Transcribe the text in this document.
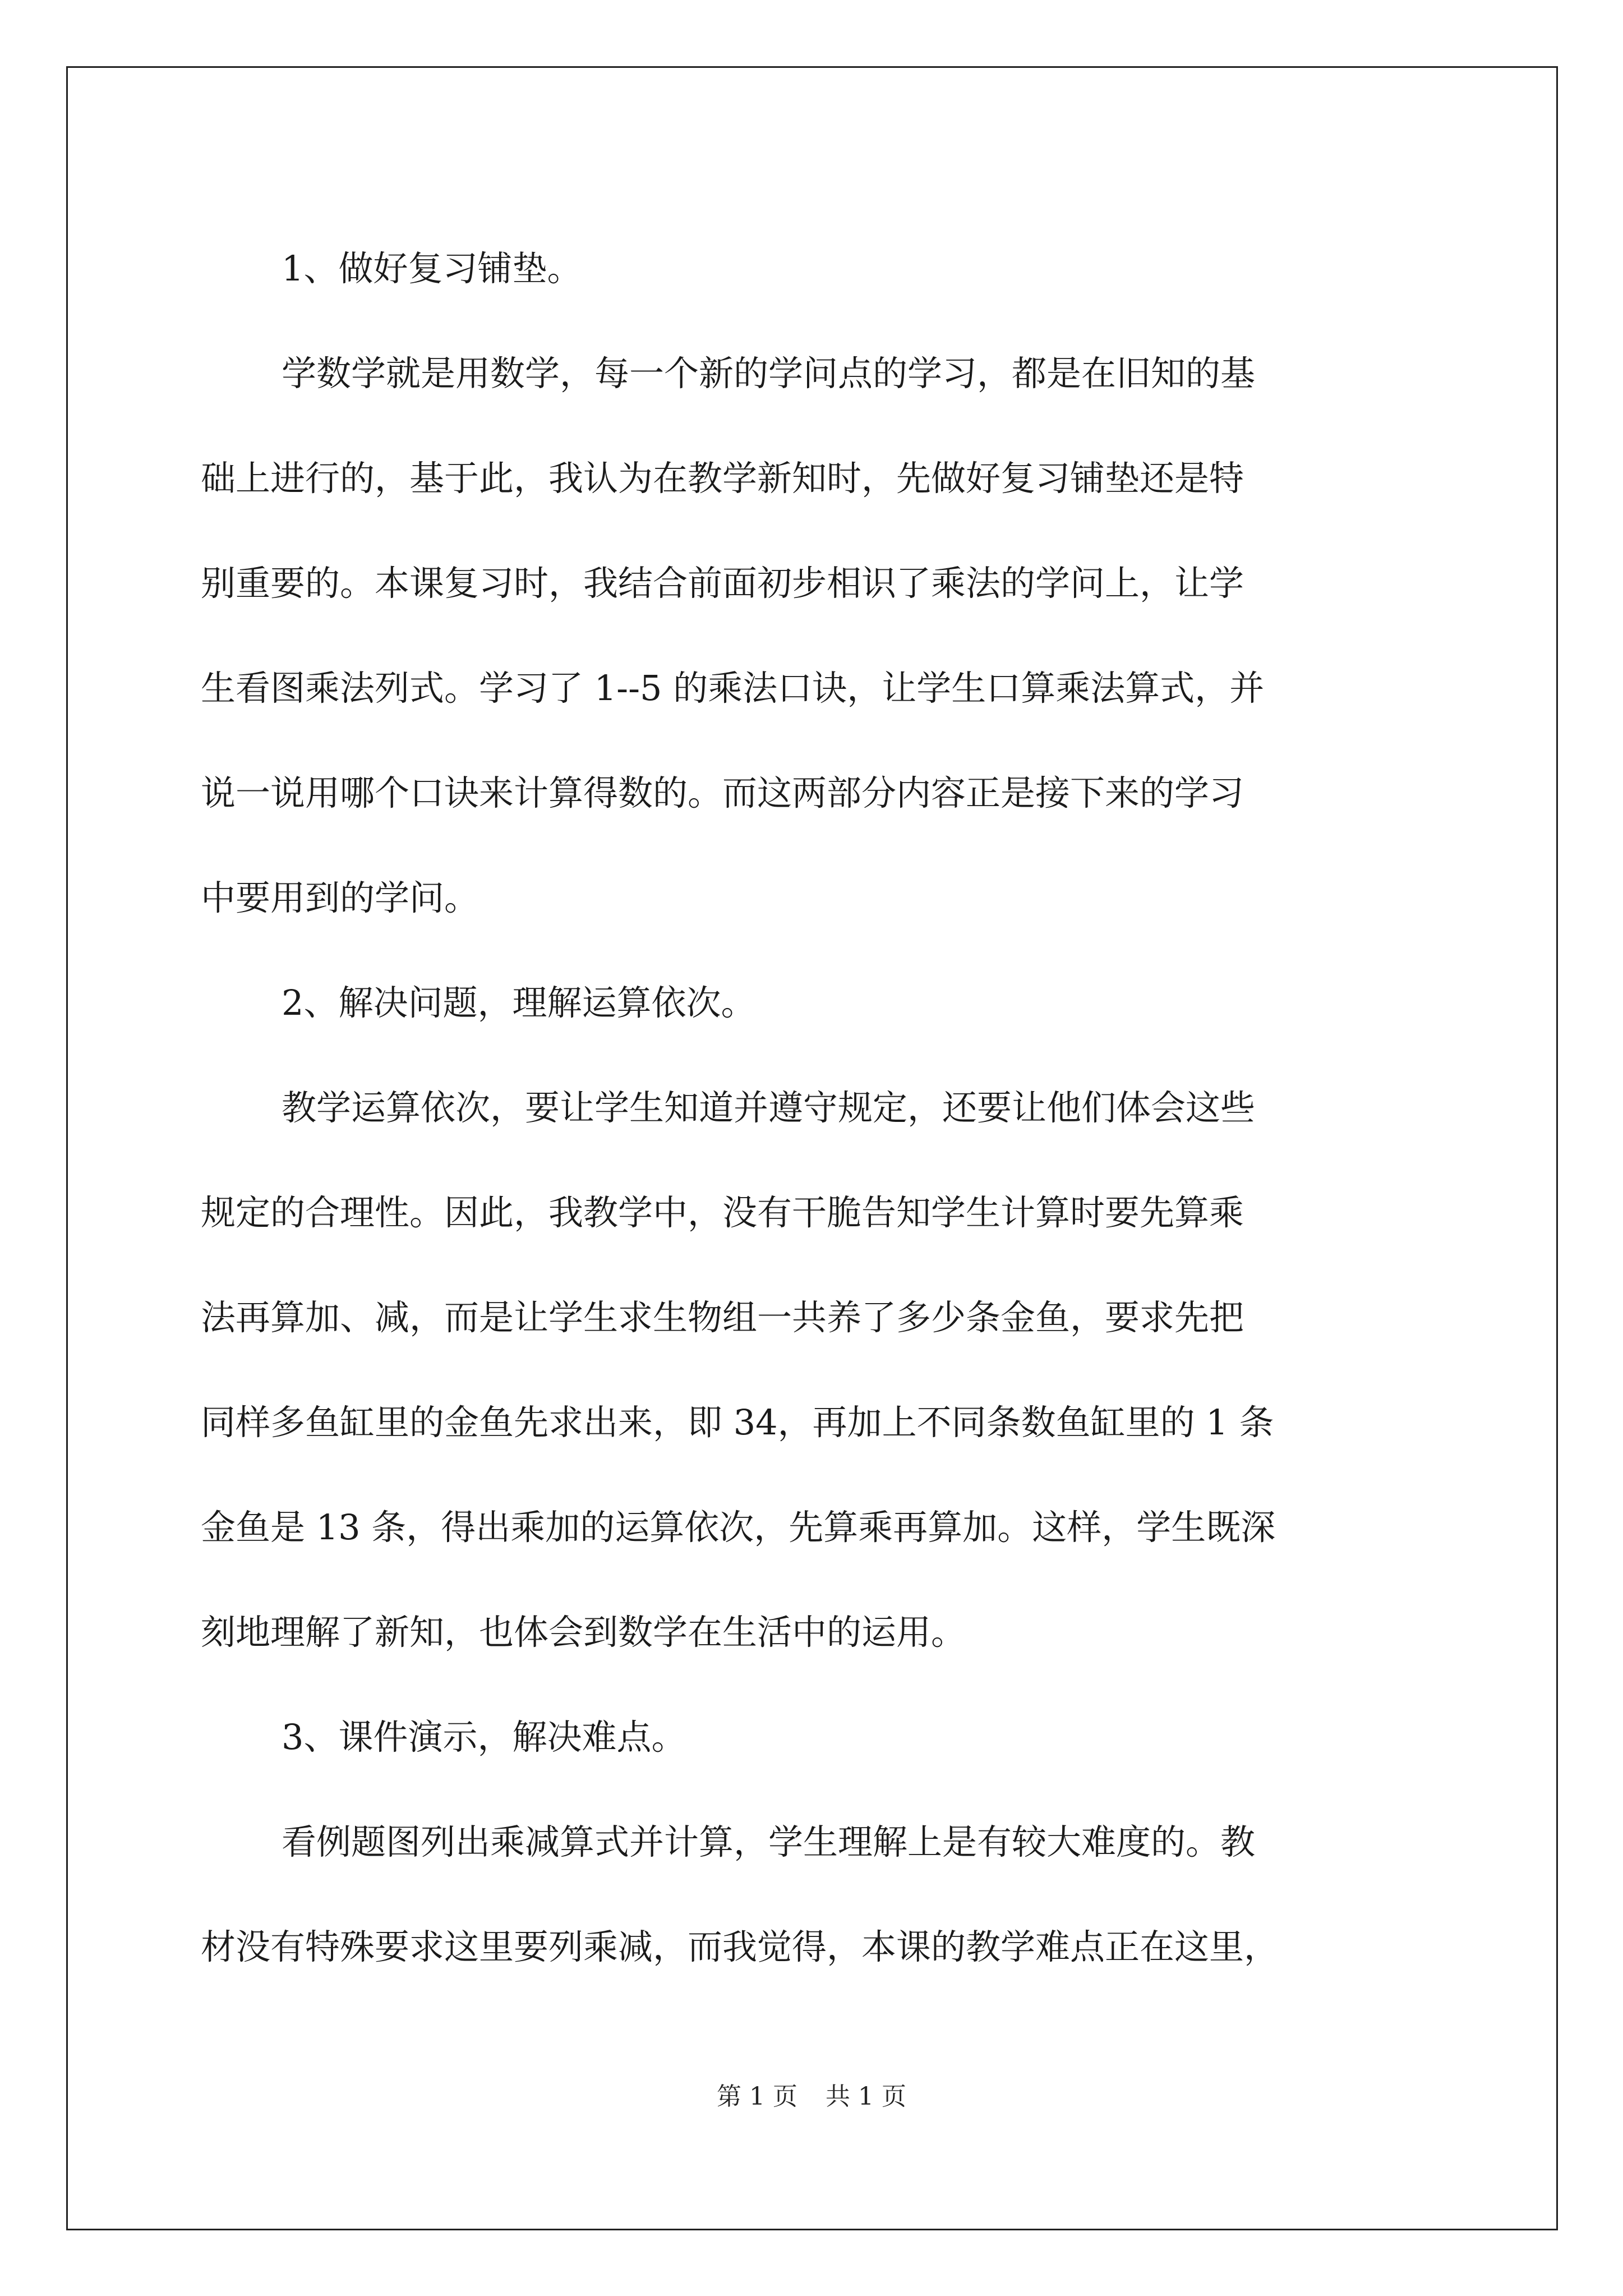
1、做好复习铺垫。

学数学就是用数学，每一个新的学问点的学习，都是在旧知的基
础上进行的，基于此，我认为在教学新知时，先做好复习铺垫还是特
别重要的。本课复习时，我结合前面初步相识了乘法的学问上，让学
生看图乘法列式。学习了 1--5 的乘法口诀，让学生口算乘法算式，并
说一说用哪个口诀来计算得数的。而这两部分内容正是接下来的学习
中要用到的学问。

2、解决问题，理解运算依次。

教学运算依次，要让学生知道并遵守规定，还要让他们体会这些
规定的合理性。因此，我教学中，没有干脆告知学生计算时要先算乘
法再算加、减，而是让学生求生物组一共养了多少条金鱼，要求先把
同样多鱼缸里的金鱼先求出来，即 34，再加上不同条数鱼缸里的 1 条
金鱼是 13 条，得出乘加的运算依次，先算乘再算加。这样，学生既深
刻地理解了新知，也体会到数学在生活中的运用。

3、课件演示，解决难点。

看例题图列出乘减算式并计算，学生理解上是有较大难度的。教
材没有特殊要求这里要列乘减，而我觉得，本课的教学难点正在这里，

第 1 页 共 1 页
